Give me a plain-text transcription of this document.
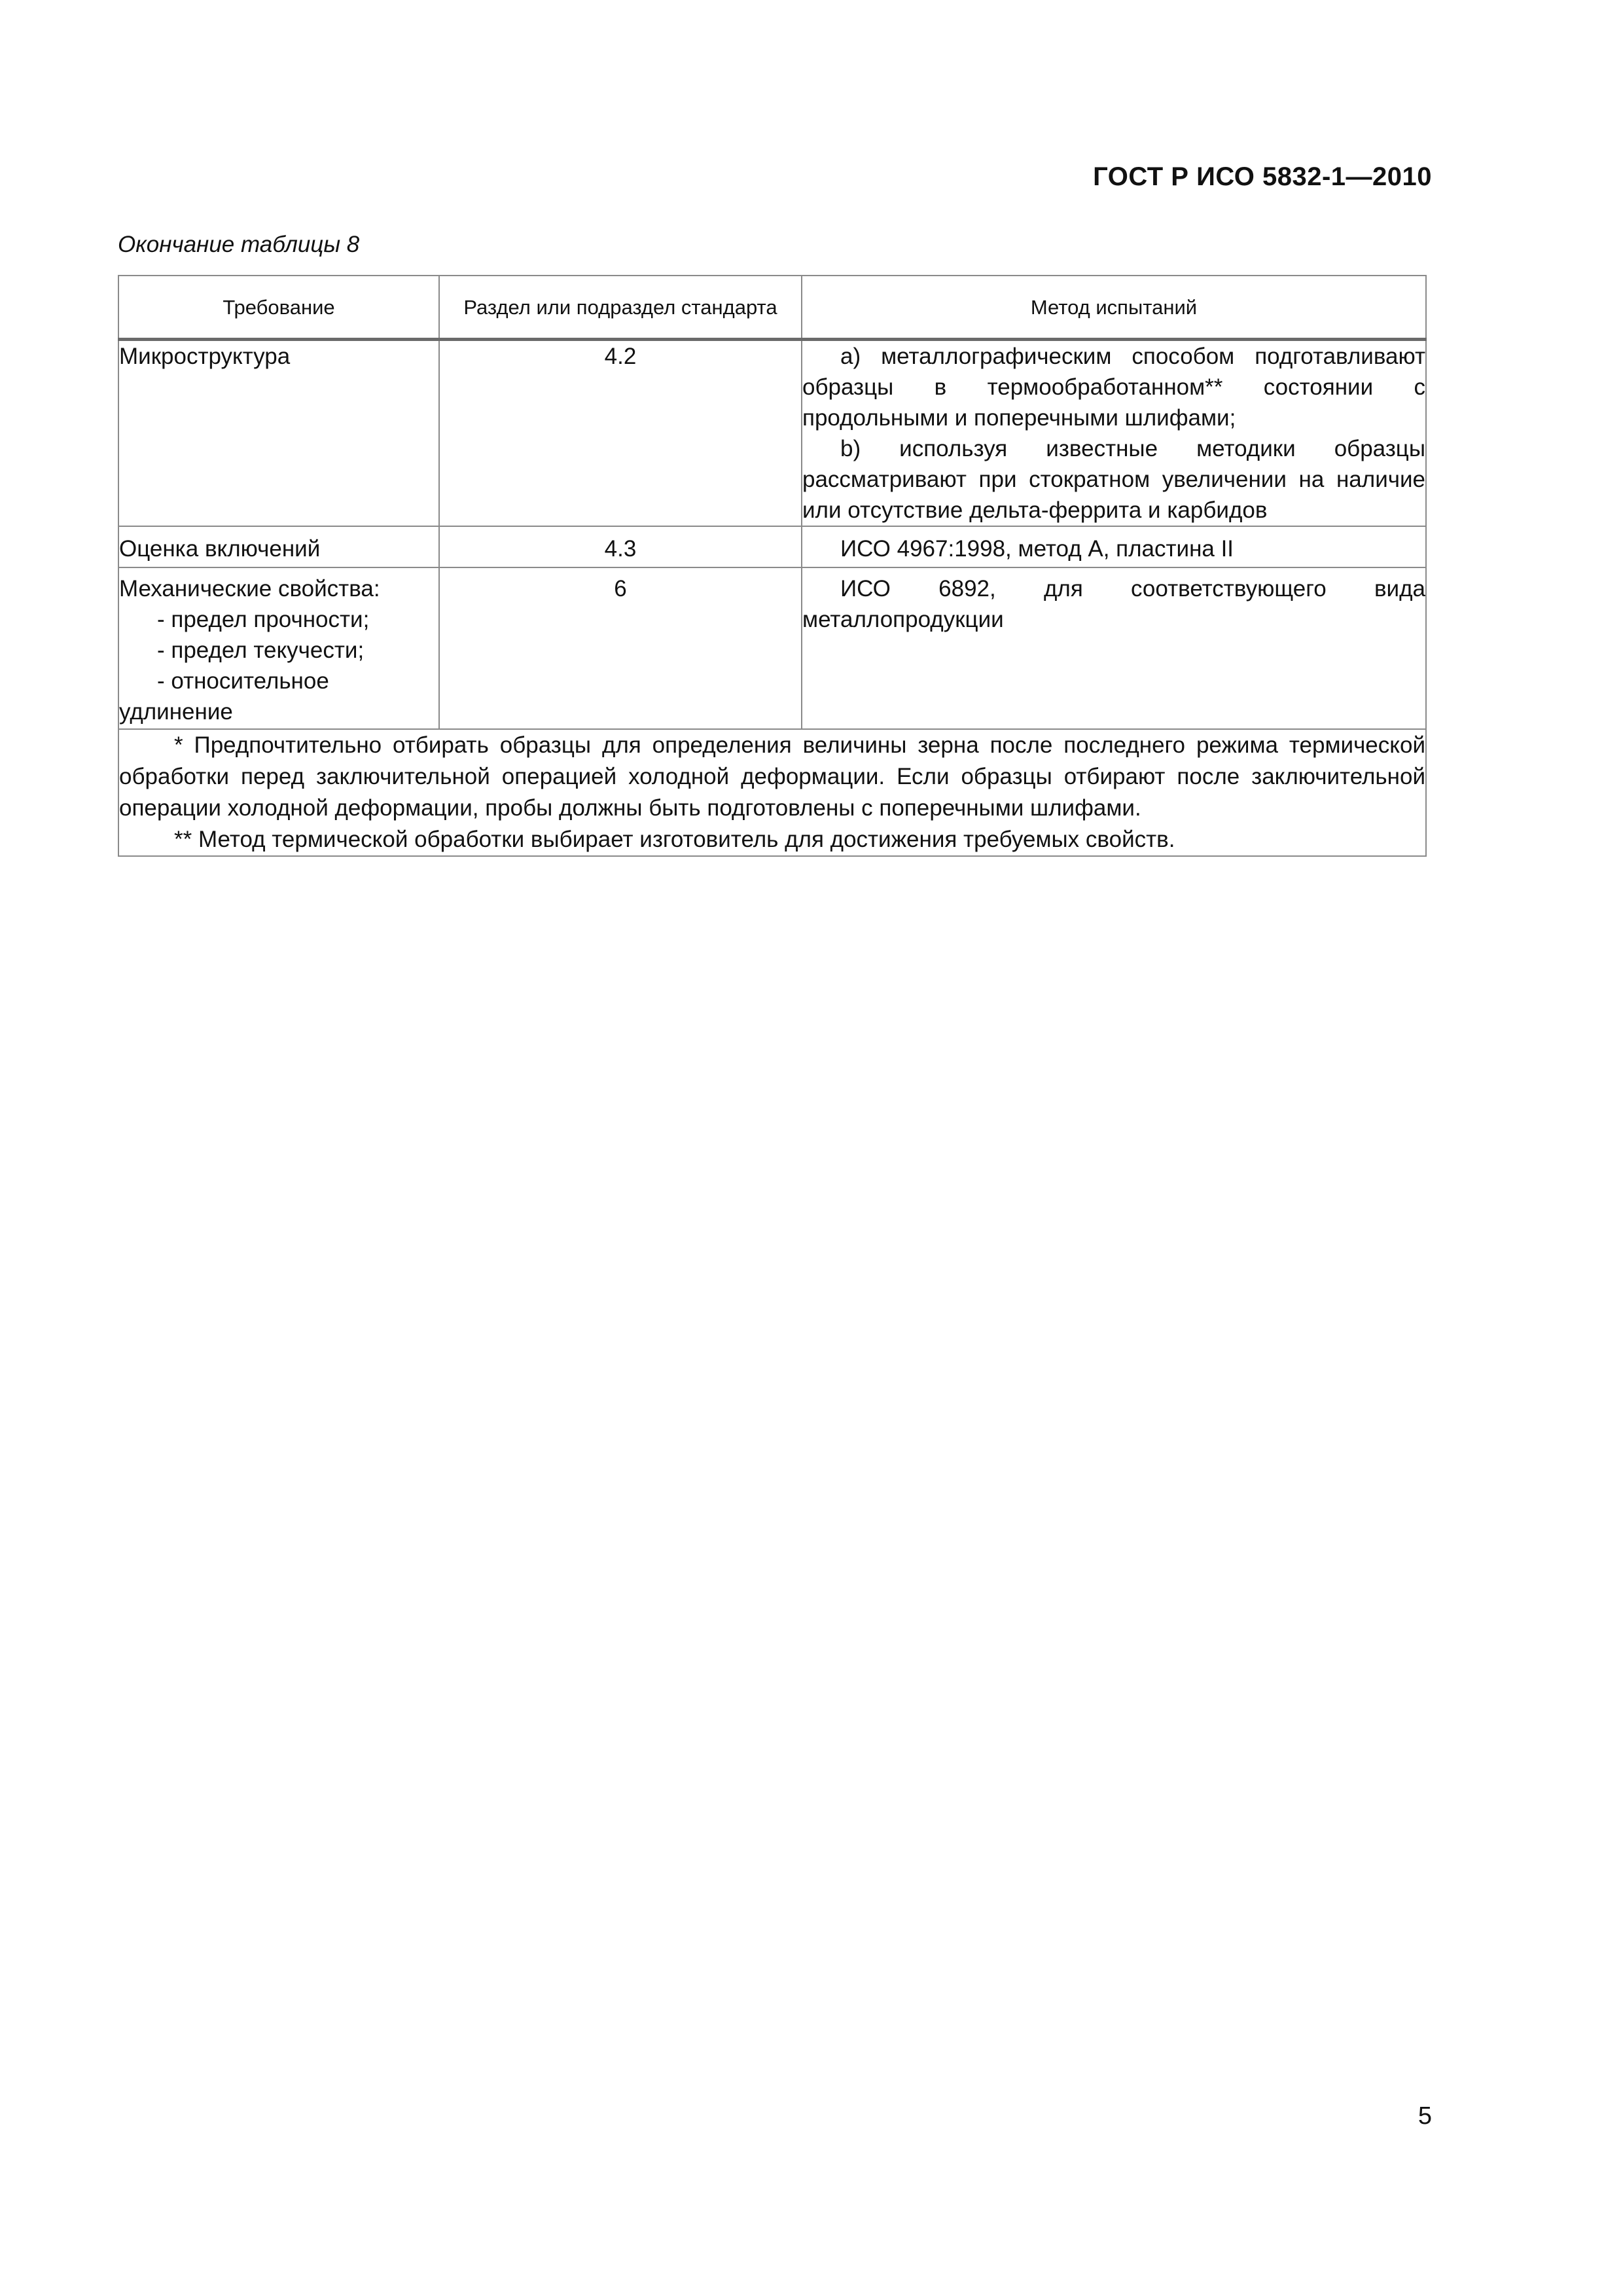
ГОСТ Р ИСО 5832-1—2010
Окончание таблицы 8
Требование	Раздел или подраздел стандарта	Метод испытаний

Микроструктура	4.2	a) металлографическим способом подготавливают образцы в термообработанном** состоянии с продольными и поперечными шлифами;

b) используя известные методики образцы рассматривают при стократном увеличении на наличие или отсутствие дельта-феррита и карбидов

Оценка включений	4.3	ИСО 4967:1998, метод А, пластина II

Механические свойства:
- предел прочности;
- предел текучести;
- относительное удлинение	6	ИСО 6892, для соответствующего вида металлопродукции

* Предпочтительно отбирать образцы для определения величины зерна после последнего режима термической обработки перед заключительной операцией холодной деформации. Если образцы отбирают после заключительной операции холодной деформации, пробы должны быть подготовлены с поперечными шлифами.

** Метод термической обработки выбирает изготовитель для достижения требуемых свойств.		

5
